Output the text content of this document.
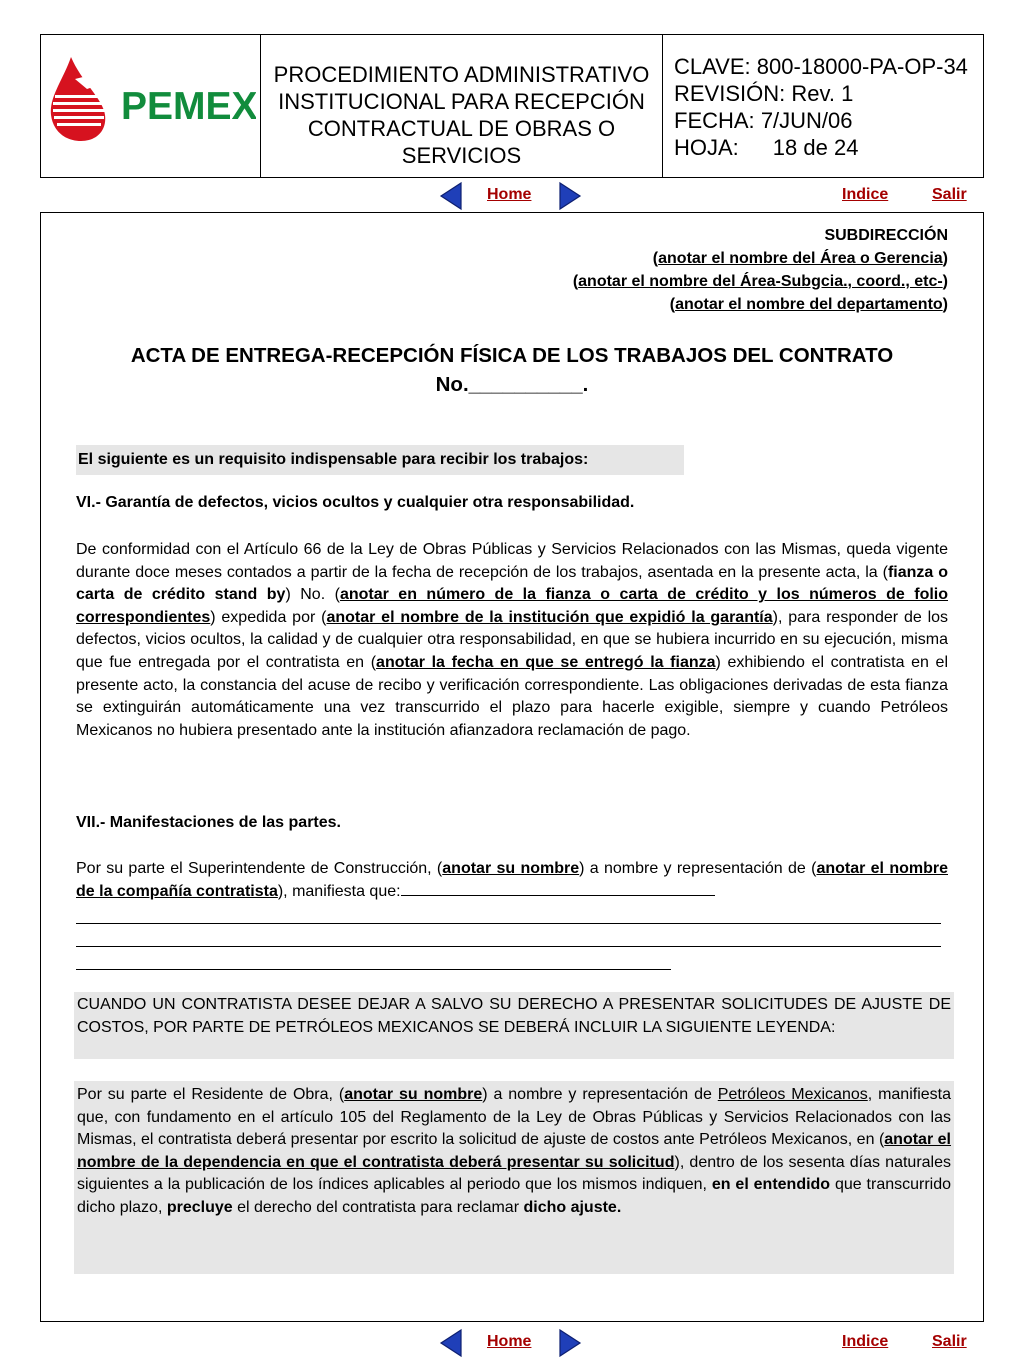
PEMEX
PROCEDIMIENTO ADMINISTRATIVO
INSTITUCIONAL PARA RECEPCIÓN
CONTRACTUAL DE OBRAS O
SERVICIOS
CLAVE: 800-18000-PA-OP-34
REVISIÓN: Rev. 1
FECHA: 7/JUN/06
HOJA: 18 de 24
Home	Indice	Salir
SUBDIRECCIÓN
(anotar el nombre del Área o Gerencia)
(anotar el nombre del Área-Subgcia., coord., etc-)
(anotar el nombre del departamento)
ACTA DE ENTREGA-RECEPCIÓN FÍSICA DE LOS TRABAJOS DEL CONTRATO
No.__________.
El siguiente es un requisito indispensable para recibir los trabajos:
VI.- Garantía de defectos, vicios ocultos y cualquier otra responsabilidad.
De conformidad con el Artículo 66 de la Ley de Obras Públicas y Servicios Relacionados con las Mismas, queda vigente durante doce meses contados a partir de la fecha de recepción de los trabajos, asentada en la presente acta, la (fianza o carta de crédito stand by) No. (anotar en número de la fianza o carta de crédito y los números de folio correspondientes) expedida por (anotar el nombre de la institución que expidió la garantía), para responder de los defectos, vicios ocultos, la calidad y de cualquier otra responsabilidad, en que se hubiera incurrido en su ejecución, misma que fue entregada por el contratista en (anotar la fecha en que se entregó la fianza) exhibiendo el contratista en el presente acto, la constancia del acuse de recibo y verificación correspondiente. Las obligaciones derivadas de esta fianza se extinguirán automáticamente una vez transcurrido el plazo para hacerle exigible, siempre y cuando Petróleos Mexicanos no hubiera presentado ante la institución afianzadora reclamación de pago.
VII.- Manifestaciones de las partes.
Por su parte el Superintendente de Construcción, (anotar su nombre) a nombre y representación de (anotar el nombre de la compañía contratista), manifiesta que:
CUANDO UN CONTRATISTA DESEE DEJAR A SALVO SU DERECHO A PRESENTAR SOLICITUDES DE AJUSTE DE COSTOS, POR PARTE DE PETRÓLEOS MEXICANOS SE DEBERÁ INCLUIR LA SIGUIENTE LEYENDA:
Por su parte el Residente de Obra, (anotar su nombre) a nombre y representación de Petróleos Mexicanos, manifiesta que, con fundamento en el artículo 105 del Reglamento de la Ley de Obras Públicas y Servicios Relacionados con las Mismas, el contratista deberá presentar por escrito la solicitud de ajuste de costos ante Petróleos Mexicanos, en (anotar el nombre de la dependencia en que el contratista deberá presentar su solicitud), dentro de los sesenta días naturales siguientes a la publicación de los índices aplicables al periodo que los mismos indiquen, en el entendido que transcurrido dicho plazo, precluye el derecho del contratista para reclamar dicho ajuste.
Home	Indice	Salir
